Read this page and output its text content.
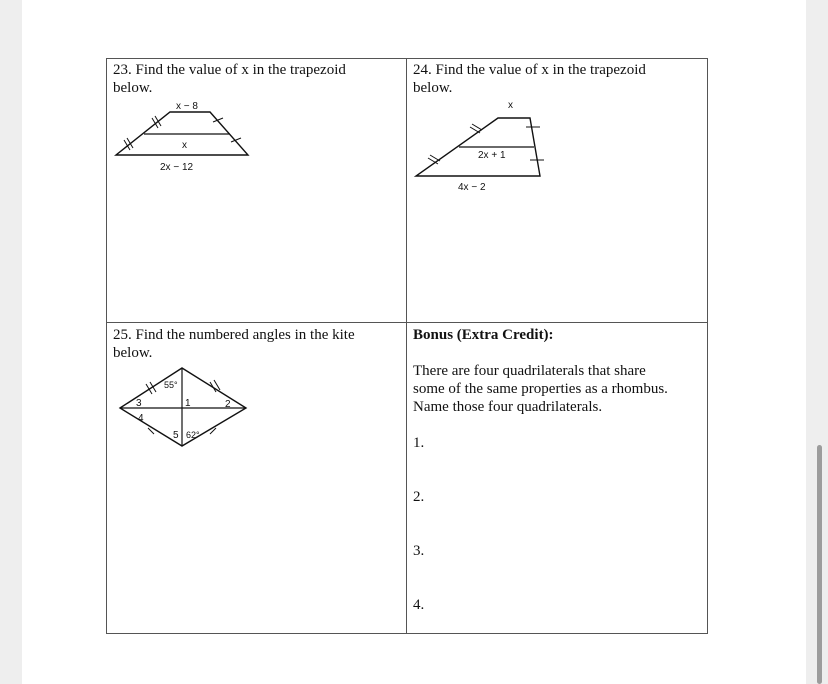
23. Find the value of x in the trapezoid
below.
x − 8
x
2x − 12
24. Find the value of x in the trapezoid
below.
x
2x + 1
4x − 2
25. Find the numbered angles in the kite
below.
55°
62°
1	2
3
4
5
Bonus (Extra Credit):
There are four quadrilaterals that share
some of the same properties as a rhombus.
Name those four quadrilaterals.
1.
2.
3.
4.
